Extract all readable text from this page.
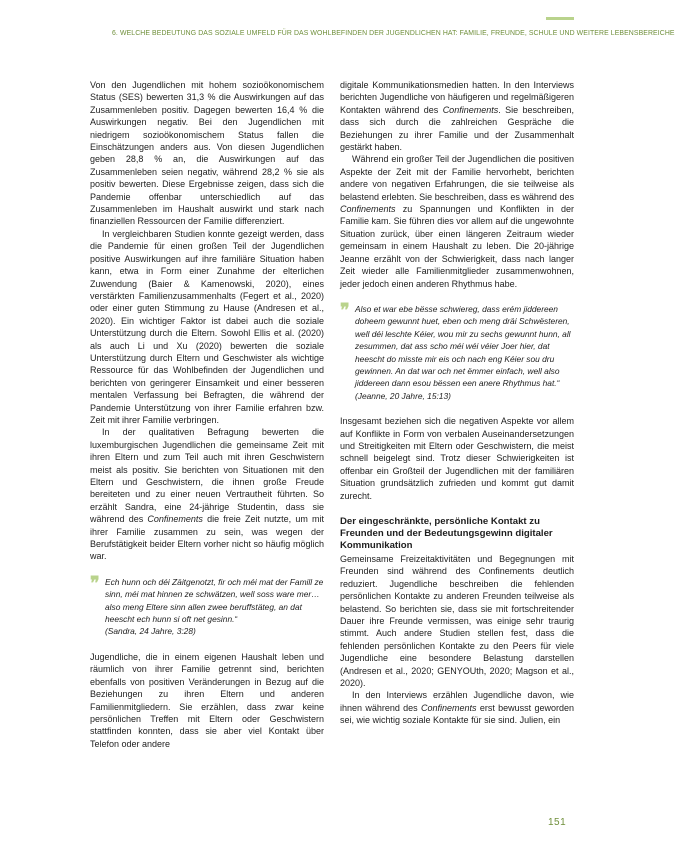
6. WELCHE BEDEUTUNG DAS SOZIALE UMFELD FÜR DAS WOHLBEFINDEN DER JUGENDLICHEN HAT: FAMILIE, FREUNDE, SCHULE UND WEITERE LEBENSBEREICHE

Von den Jugendlichen mit hohem sozioökonomischem Status (SES) bewerten 31,3 % die Auswirkungen auf das Zusammenleben positiv. Dagegen bewerten 16,4 % die Auswirkungen negativ. Bei den Jugendlichen mit niedrigem sozioökonomischem Status fallen die Einschätzungen anders aus. Von diesen Jugendlichen geben 28,8 % an, die Auswirkungen auf das Zusammenleben seien negativ, während 28,2 % sie als positiv bewerten. Diese Ergebnisse zeigen, dass sich die Pandemie offenbar unterschiedlich auf das Zusammenleben im Haushalt auswirkt und stark nach finanziellen Ressourcen der Familie differenziert.

In vergleichbaren Studien konnte gezeigt werden, dass die Pandemie für einen großen Teil der Jugendlichen positive Auswirkungen auf ihre familiäre Situation haben kann, etwa in Form einer Zunahme der elterlichen Zuwendung (Baier & Kamenowski, 2020), eines verstärkten Familienzusammenhalts (Fegert et al., 2020) oder einer guten Stimmung zu Hause (Andresen et al., 2020). Ein wichtiger Faktor ist dabei auch die soziale Unterstützung durch die Eltern. Sowohl Ellis et al. (2020) als auch Li und Xu (2020) bewerten die soziale Unterstützung durch Eltern und Geschwister als wichtige Ressource für das Wohlbefinden der Jugendlichen und berichten von geringerer Einsamkeit und einer besseren mentalen Verfassung bei Befragten, die während der Pandemie Unterstützung von ihrer Familie erfahren bzw. Zeit mit ihrer Familie verbringen.

In der qualitativen Befragung bewerten die luxemburgischen Jugendlichen die gemeinsame Zeit mit ihren Eltern und zum Teil auch mit ihren Geschwistern meist als positiv. Sie berichten von Situationen mit den Eltern und Geschwistern, die ihnen große Freude bereiteten und zu einer neuen Vertrautheit führten. So erzählt Sandra, eine 24-jährige Studentin, dass sie während des Confinements die freie Zeit nutzte, um mit ihrer Familie zusammen zu sein, was wegen der Berufstätigkeit beider Eltern vorher nicht so häufig möglich war.

❞ Ech hunn och déi Zäitgenotzt, fir och méi mat der Famill ze sinn, méi mat hinnen ze schwätzen, well soss ware mer… also meng Eltere sinn allen zwee beruffstäteg, an dat heescht ech hunn si oft net gesinn.“
(Sandra, 24 Jahre, 3:28)

Jugendliche, die in einem eigenen Haushalt leben und räumlich von ihrer Familie getrennt sind, berichten ebenfalls von positiven Veränderungen in Bezug auf die Beziehungen zu ihren Eltern und anderen Familienmitgliedern. Sie erzählen, dass zwar keine persönlichen Treffen mit Eltern oder Geschwistern stattfinden konnten, dass sie aber viel Kontakt über Telefon oder andere

digitale Kommunikationsmedien hatten. In den Interviews berichten Jugendliche von häufigeren und regelmäßigeren Kontakten während des Confinements. Sie beschreiben, dass sich durch die zahlreichen Gespräche die Beziehungen zu ihrer Familie und der Zusammenhalt gestärkt haben.

Während ein großer Teil der Jugendlichen die positiven Aspekte der Zeit mit der Familie hervorhebt, berichten andere von negativen Erfahrungen, die sie teilweise als belastend erlebten. Sie beschreiben, dass es während des Confinements zu Spannungen und Konflikten in der Familie kam. Sie führen dies vor allem auf die ungewohnte Situation zurück, über einen längeren Zeitraum wieder gemeinsam in einem Haushalt zu leben. Die 20-jährige Jeanne erzählt von der Schwierigkeit, dass nach langer Zeit wieder alle Familienmitglieder zusammenwohnen, jeder jedoch einen anderen Rhythmus habe.

❞ Also et war ebe bësse schwiereg, dass erém jiddereen doheem gewunnt huet, eben och meng dräi Schwësteren, well déi leschte Kéier, wou mir zu sechs gewunnt hunn, all zesummen, dat ass scho méi wéi véier Joer hier, dat heescht do misste mir eis och nach eng Kéier sou dru gewinnen. An dat war och net ëmmer einfach, well also jiddereen dann esou bëssen een anere Rhythmus hat.“
(Jeanne, 20 Jahre, 15:13)

Insgesamt beziehen sich die negativen Aspekte vor allem auf Konflikte in Form von verbalen Auseinandersetzungen und Streitigkeiten mit Eltern oder Geschwistern, die meist schnell beigelegt sind. Trotz dieser Schwierigkeiten ist offenbar ein Großteil der Jugendlichen mit der familiären Situation grundsätzlich zufrieden und kommt gut damit zurecht.

Der eingeschränkte, persönliche Kontakt zu Freunden und der Bedeutungsgewinn digitaler Kommunikation

Gemeinsame Freizeitaktivitäten und Begegnungen mit Freunden sind während des Confinements deutlich reduziert. Jugendliche beschreiben die fehlenden persönlichen Kontakte zu anderen Freunden teilweise als belastend. So berichten sie, dass sie mit fortschreitender Dauer ihre Freunde vermissen, was einige sehr traurig stimmt. Auch andere Studien stellen fest, dass die fehlenden persönlichen Kontakte zu den Peers für viele Jugendliche eine besondere Belastung darstellen (Andresen et al., 2020; GENYOUth, 2020; Magson et al., 2020).

In den Interviews erzählen Jugendliche davon, wie ihnen während des Confinements erst bewusst geworden sei, wie wichtig soziale Kontakte für sie sind. Julien, ein

151
